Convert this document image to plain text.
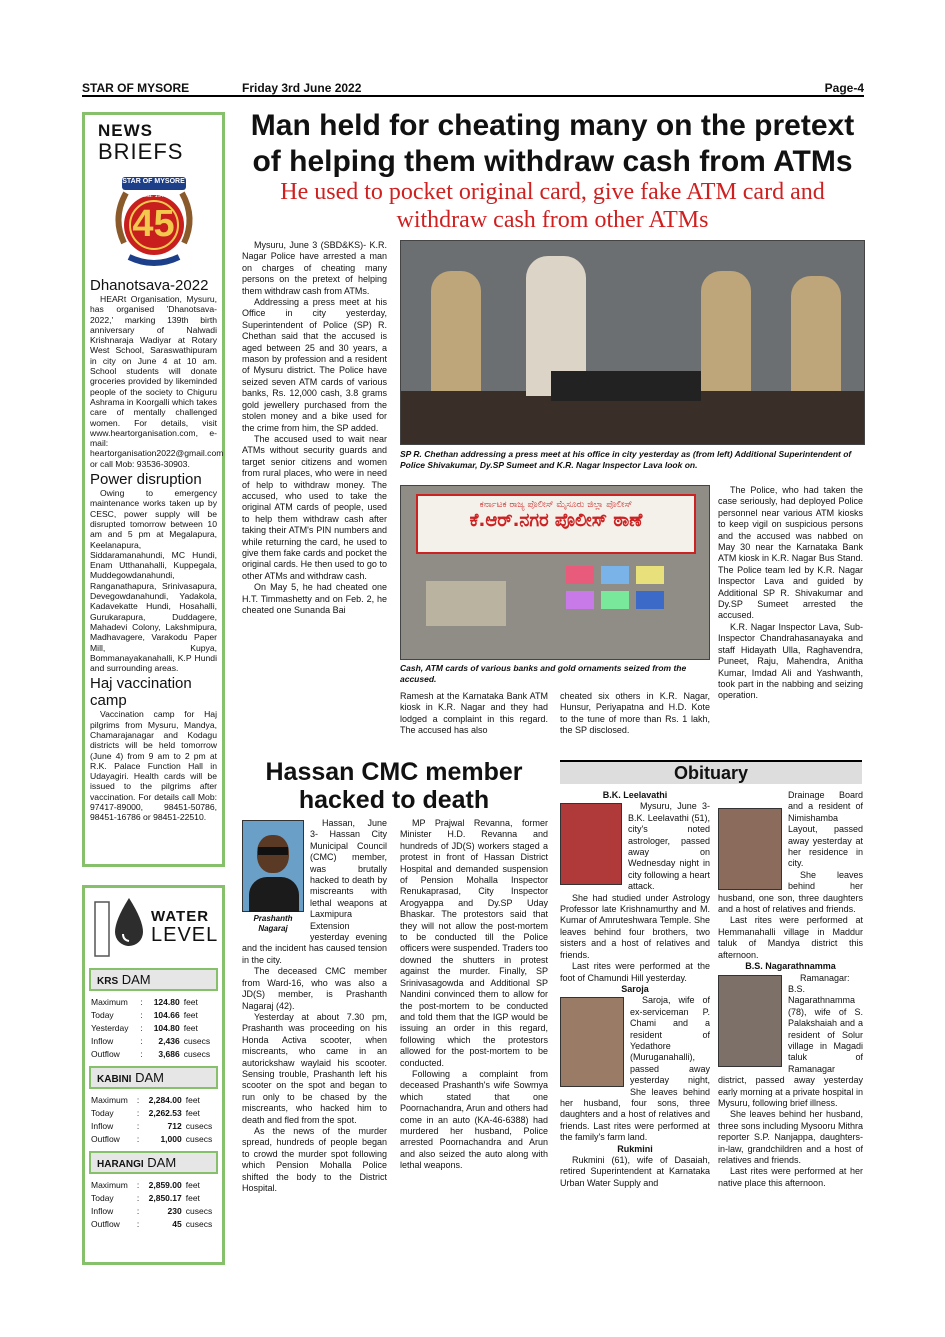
STAR OF MYSORE	Friday 3rd June 2022	Page-4
NEWS
BRIEFS
STAR OF MYSORE
Estd. 1978
45
Dhanotsava-2022

HEARt Organisation, Mysuru, has organised 'Dhanotsava-2022,' marking 139th birth anniversary of Nalwadi Krishnaraja Wadiyar at Rotary West School, Saraswathipuram in city on June 4 at 10 am. School students will donate groceries provided by likeminded people of the society to Chiguru Ashrama in Koorgalli which takes care of mentally challenged women. For details, visit www.heartorganisation.com, e-mail: heartorganisation2022@gmail.com or call Mob: 93536-30903.

Power disruption

Owing to emergency maintenance works taken up by CESC, power supply will be disrupted tomorrow between 10 am and 5 pm at Megalapura, Keelanapura, Siddaramanahundi, MC Hundi, Enam Utthanahalli, Kuppegala, Muddegowdanahundi, Ranganathapura, Srinivasapura, Devegowdanahundi, Yadakola, Kadavekatte Hundi, Hosahalli, Gurukarapura, Duddagere, Mahadevi Colony, Lakshmipura, Madhavagere, Varakodu Paper Mill, Kupya, Bommanayakanahalli, K.P Hundi and surrounding areas.

Haj vaccination camp

Vaccination camp for Haj pilgrims from Mysuru, Mandya, Chamarajanagar and Kodagu districts will be held tomorrow (June 4) from 9 am to 2 pm at R.K. Palace Function Hall in Udayagiri. Health cards will be issued to the pilgrims after vaccination. For details call Mob: 97417-89000, 98451-50786, 98451-16786 or 98451-22510.

WATER
LEVEL
KRS DAM
Maximum	:	124.80	feet
Today	:	104.66	feet
Yesterday	:	104.80	feet
Inflow	:	2,436	cusecs
Outflow	:	3,686	cusecs
KABINI DAM
Maximum	:	2,284.00	feet
Today	:	2,262.53	feet
Inflow	:	712	cusecs
Outflow	:	1,000	cusecs
HARANGI DAM
Maximum	:	2,859.00	feet
Today	:	2,850.17	feet
Inflow	:	230	cusecs
Outflow	:	45	cusecs
Man held for cheating many on the pretext
of helping them withdraw cash from ATMs
He used to pocket original card, give fake ATM card and withdraw cash from other ATMs

Mysuru, June 3 (SBD&KS)- K.R. Nagar Police have arrested a man on charges of cheating many persons on the pretext of helping them withdraw cash from ATMs.

Addressing a press meet at his Office in city yesterday, Superintendent of Police (SP) R. Chethan said that the accused is aged between 25 and 30 years, a mason by profession and a resident of Mysuru district. The Police have seized seven ATM cards of various banks, Rs. 12,000 cash, 3.8 grams gold jewellery purchased from the stolen money and a bike used for the crime from him, the SP added.

The accused used to wait near ATMs without security guards and target senior citizens and women from rural places, who were in need of help to withdraw money. The accused, who used to take the original ATM cards of people, used to help them withdraw cash after taking their ATM's PIN numbers and while returning the card, he used to give them fake cards and pocket the original cards. He then used to go to other ATMs and withdraw cash.

On May 5, he had cheated one H.T. Timmashetty and on Feb. 2, he cheated one Sunanda Bai

SP R. Chethan addressing a press meet at his office in city yesterday as (from left) Additional Superintendent of Police Shivakumar, Dy.SP Sumeet and K.R. Nagar Inspector Lava look on.
ಕರ್ನಾಟಕ ರಾಜ್ಯ ಪೊಲೀಸ್ ಮೈಸೂರು ಜಿಲ್ಲಾ ಪೊಲೀಸ್
ಕೆ.ಆರ್.ನಗರ ಪೊಲೀಸ್ ಠಾಣೆ
Cash, ATM cards of various banks and gold ornaments seized from the accused.

Ramesh at the Karnataka Bank ATM kiosk in K.R. Nagar and they had lodged a complaint in this regard. The accused has also

cheated six others in K.R. Nagar, Hunsur, Periyapatna and H.D. Kote to the tune of more than Rs. 1 lakh, the SP disclosed.

The Police, who had taken the case seriously, had deployed Police personnel near various ATM kiosks to keep vigil on suspicious persons and the accused was nabbed on May 30 near the Karnataka Bank ATM kiosk in K.R. Nagar Bus Stand. The Police team led by K.R. Nagar Inspector Lava and guided by Additional SP R. Shivakumar and Dy.SP Sumeet arrested the accused.

K.R. Nagar Inspector Lava, Sub-Inspector Chandrahasanayaka and staff Hidayath Ulla, Raghavendra, Puneet, Raju, Mahendra, Anitha Kumar, Imdad Ali and Yashwanth, took part in the nabbing and seizing operation.

Hassan CMC member
hacked to death
Prashanth Nagaraj

Hassan, June 3- Hassan City Municipal Council (CMC) member, was brutally hacked to death by miscreants with lethal weapons at Laxmipura Extension yesterday evening and the incident has caused tension in the city.

The deceased CMC member from Ward-16, who was also a JD(S) member, is Prashanth Nagaraj (42).

Yesterday at about 7.30 pm, Prashanth was proceeding on his Honda Activa scooter, when miscreants, who came in an autorickshaw waylaid his scooter. Sensing trouble, Prashanth left his scooter on the spot and began to run only to be chased by the miscreants, who hacked him to death and fled from the spot.

As the news of the murder spread, hundreds of people began to crowd the murder spot following which Pension Mohalla Police shifted the body to the District Hospital.

MP Prajwal Revanna, former Minister H.D. Revanna and hundreds of JD(S) workers staged a protest in front of Hassan District Hospital and demanded suspension of Pension Mohalla Inspector Renukaprasad, City Inspector Arogyappa and Dy.SP Uday Bhaskar. The protestors said that they will not allow the post-mortem to be conducted till the Police officers were suspended. Traders too downed the shutters in protest against the murder. Finally, SP Srinivasagowda and Additional SP Nandini convinced them to allow for the post-mortem to be conducted and told them that the IGP would be issuing an order in this regard, following which the protestors allowed for the post-mortem to be conducted.

Following a complaint from deceased Prashanth's wife Sowmya which stated that one Poornachandra, Arun and others had come in an auto (KA-46-6388) had murdered her husband, Police arrested Poornachandra and Arun and also seized the auto along with lethal weapons.

Obituary

B.K. Leelavathi

Mysuru, June 3- B.K. Leelavathi (51), city's noted astrologer, passed away on Wednesday night in city following a heart attack.

She had studied under Astrology Professor late Krishnamurthy and M. Kumar of Amruteshwara Temple. She leaves behind four brothers, two sisters and a host of relatives and friends.

Last rites were performed at the foot of Chamundi Hill yesterday.

Saroja

Saroja, wife of ex-serviceman P. Chami and a resident of Yedathore (Muruganahalli), passed away yesterday night, She leaves behind her husband, four sons, three daughters and a host of relatives and friends. Last rites were performed at the family's farm land.

Rukmini

Rukmini (61), wife of Dasaiah, retired Superintendent at Karnataka Urban Water Supply and

Drainage Board and a resident of Nimishamba Layout, passed away yesterday at her residence in city.

She leaves behind her husband, one son, three daughters and a host of relatives and friends.

Last rites were performed at Hemmanahalli village in Maddur taluk of Mandya district this afternoon.

B.S. Nagarathnamma

Ramanagar: B.S. Nagarathnamma (78), wife of S. Palakshaiah and a resident of Solur village in Magadi taluk of Ramanagar district, passed away yesterday early morning at a private hospital in Mysuru, following brief illness.

She leaves behind her husband, three sons including Mysooru Mithra reporter S.P. Nanjappa, daughters-in-law, grandchildren and a host of relatives and friends.

Last rites were performed at her native place this afternoon.
